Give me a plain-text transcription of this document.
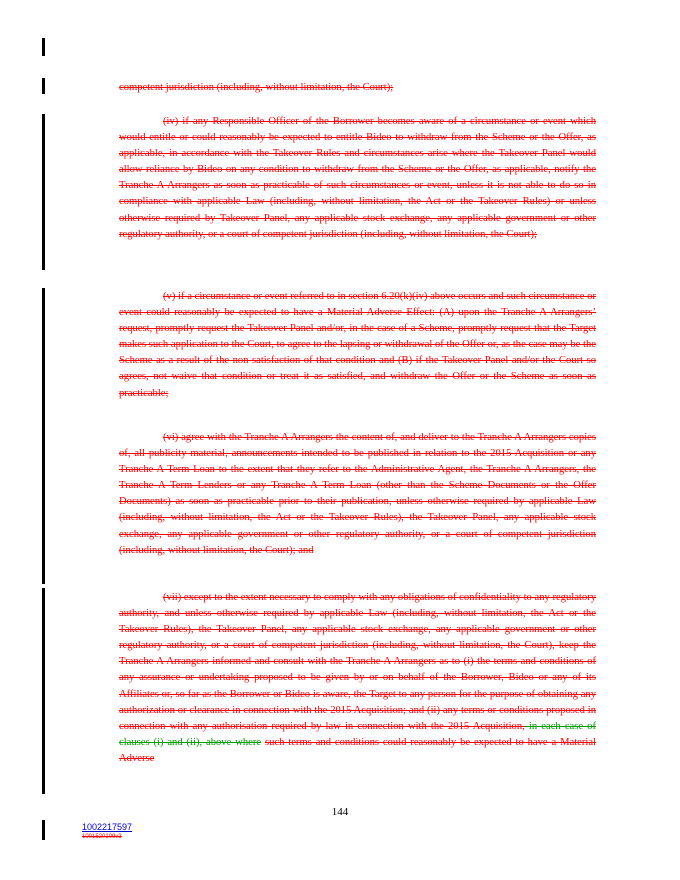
competent jurisdiction (including, without limitation, the Court);

(iv) if any Responsible Officer of the Borrower becomes aware of a circumstance or event which would entitle or could reasonably be expected to entitle Bideo to withdraw from the Scheme or the Offer, as applicable, in accordance with the Takeover Rules and circumstances arise where the Takeover Panel would allow reliance by Bideo on any condition to withdraw from the Scheme or the Offer, as applicable, notify the Tranche A Arrangers as soon as practicable of such circumstances or event, unless it is not able to do so in compliance with applicable Law (including, without limitation, the Act or the Takeover Rules) or unless otherwise required by Takeover Panel, any applicable stock exchange, any applicable government or other regulatory authority, or a court of competent jurisdiction (including, without limitation, the Court);

(v) if a circumstance or event referred to in section 6.20(k)(iv) above occurs and such circumstance or event could reasonably be expected to have a Material Adverse Effect: (A) upon the Tranche A Arrangers’ request, promptly request the Takeover Panel and/or, in the case of a Scheme, promptly request that the Target makes such application to the Court, to agree to the lapsing or withdrawal of the Offer or, as the case may be the Scheme as a result of the non-satisfaction of that condition and (B) if the Takeover Panel and/or the Court so agrees, not waive that condition or treat it as satisfied, and withdraw the Offer or the Scheme as soon as practicable;

(vi) agree with the Tranche A Arrangers the content of, and deliver to the Tranche A Arrangers copies of, all publicity material, announcements intended to be published in relation to the 2015 Acquisition or any Tranche A Term Loan to the extent that they refer to the Administrative Agent, the Tranche A Arrangers, the Tranche A Term Lenders or any Tranche A Term Loan (other than the Scheme Documents or the Offer Documents) as soon as practicable prior to their publication, unless otherwise required by applicable Law (including, without limitation, the Act or the Takeover Rules), the Takeover Panel, any applicable stock exchange, any applicable government or other regulatory authority, or a court of competent jurisdiction (including, without limitation, the Court); and

(vii) except to the extent necessary to comply with any obligations of confidentiality to any regulatory authority, and unless otherwise required by applicable Law (including, without limitation, the Act or the Takeover Rules), the Takeover Panel, any applicable stock exchange, any applicable government or other regulatory authority, or a court of competent jurisdiction (including, without limitation, the Court), keep the Tranche A Arrangers informed and consult with the Tranche A Arrangers as to (i) the terms and conditions of any assurance or undertaking proposed to be given by or on behalf of the Borrower, Bideo or any of its Affiliates or, so far as the Borrower or Bideo is aware, the Target to any person for the purpose of obtaining any authorization or clearance in connection with the 2015 Acquisition; and (ii) any terms or conditions proposed in connection with any authorisation required by law in connection with the 2015 Acquisition, in each case of clauses (i) and (ii), above where such terms and conditions could reasonably be expected to have a Material Adverse

144
1002217597
1001520109v3
